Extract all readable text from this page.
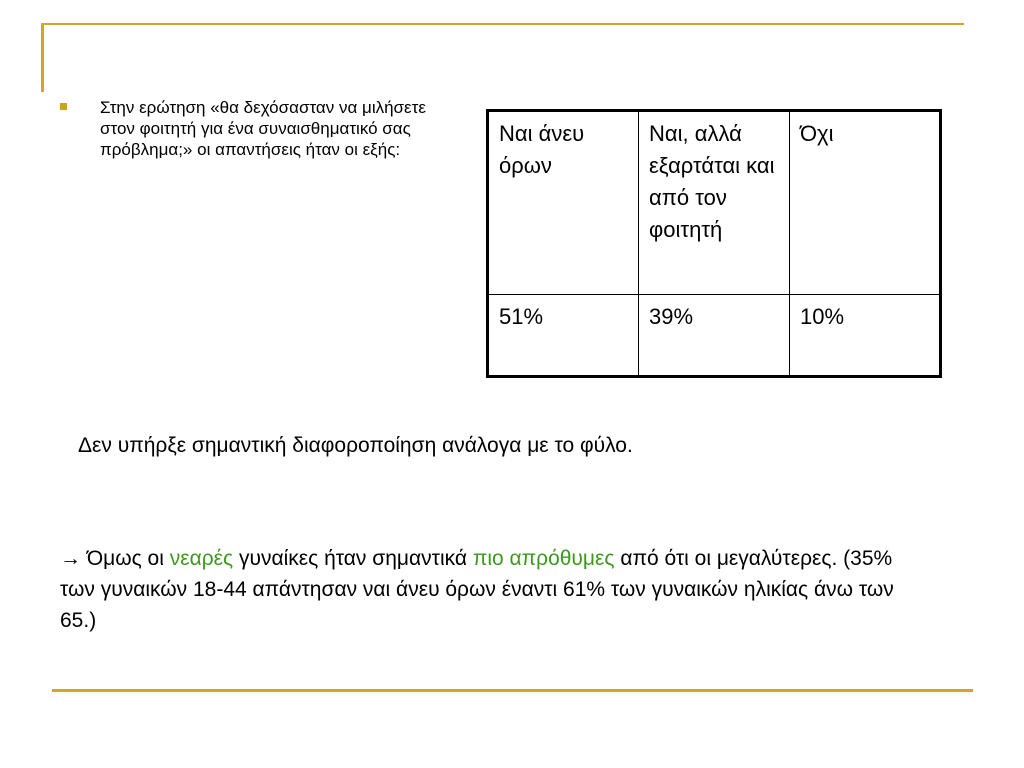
Στην ερώτηση «θα δεχόσασταν να μιλήσετε στον φοιτητή για ένα συναισθηματικό σας πρόβλημα;» οι απαντήσεις ήταν οι εξής:
Ναι άνευ όρων	Ναι, αλλά εξαρτάται και από τον φοιτητή	Όχι
51%	39%	10%
Δεν υπήρξε σημαντική διαφοροποίηση ανάλογα με το φύλο.
→ Όμως οι νεαρές γυναίκες ήταν σημαντικά πιο απρόθυμες από ότι οι μεγαλύτερες. (35% των γυναικών 18-44 απάντησαν ναι άνευ όρων έναντι 61% των γυναικών ηλικίας άνω των 65.)
